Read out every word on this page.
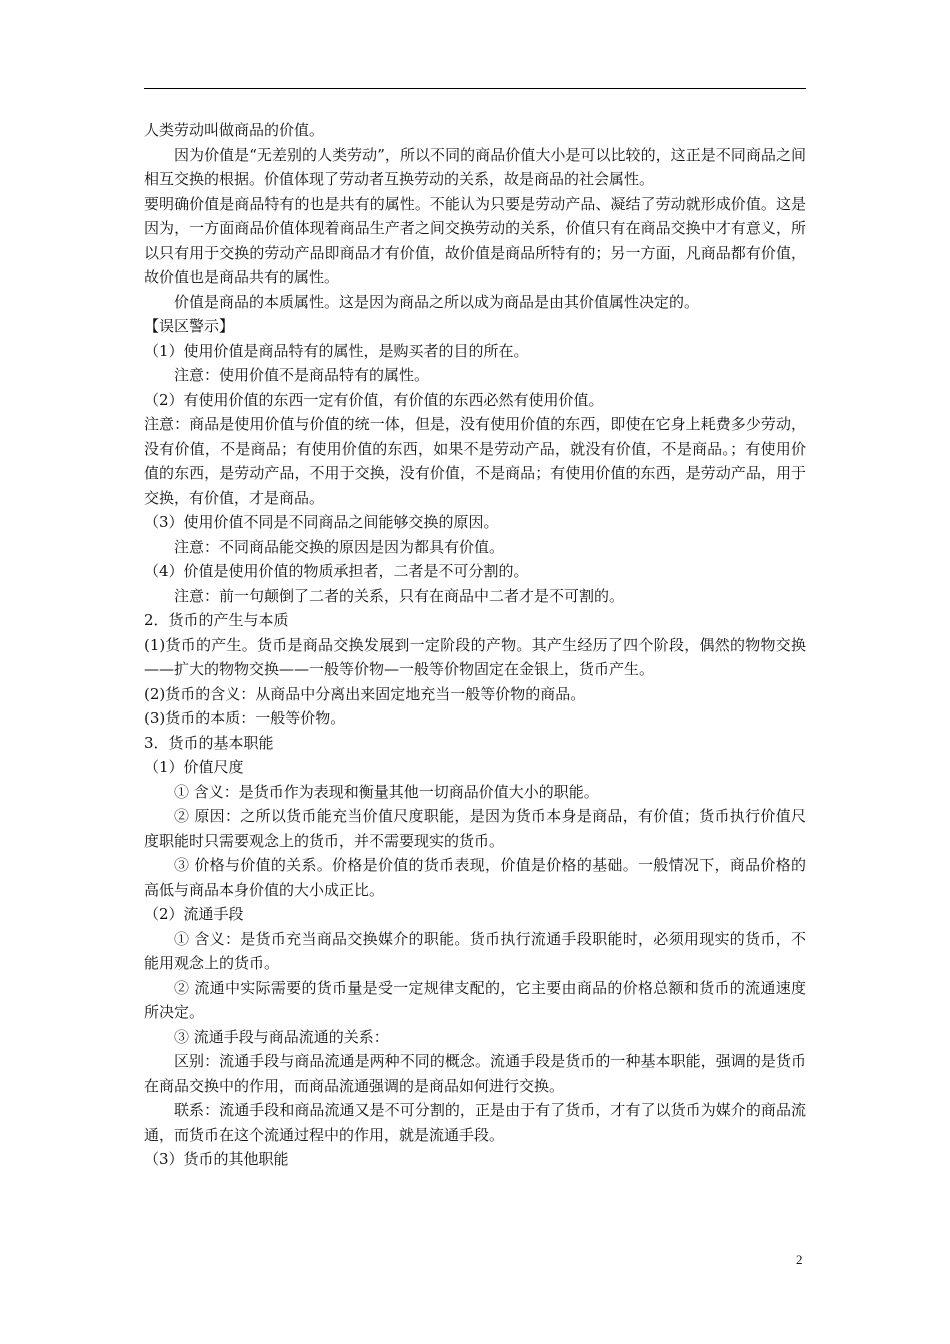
人类劳动叫做商品的价值。

因为价值是“无差别的人类劳动”，所以不同的商品价值大小是可以比较的，这正是不同商品之间相互交换的根据。价值体现了劳动者互换劳动的关系，故是商品的社会属性。

要明确价值是商品特有的也是共有的属性。不能认为只要是劳动产品、凝结了劳动就形成价值。这是因为，一方面商品价值体现着商品生产者之间交换劳动的关系，价值只有在商品交换中才有意义，所以只有用于交换的劳动产品即商品才有价值，故价值是商品所特有的；另一方面，凡商品都有价值，故价值也是商品共有的属性。

价值是商品的本质属性。这是因为商品之所以成为商品是由其价值属性决定的。

【误区警示】

（1）使用价值是商品特有的属性，是购买者的目的所在。

注意：使用价值不是商品特有的属性。

（2）有使用价值的东西一定有价值，有价值的东西必然有使用价值。

注意：商品是使用价值与价值的统一体，但是，没有使用价值的东西，即使在它身上耗费多少劳动，没有价值，不是商品；有使用价值的东西，如果不是劳动产品，就没有价值，不是商品。；有使用价值的东西，是劳动产品，不用于交换，没有价值，不是商品；有使用价值的东西，是劳动产品，用于交换，有价值，才是商品。

（3）使用价值不同是不同商品之间能够交换的原因。

注意：不同商品能交换的原因是因为都具有价值。

（4）价值是使用价值的物质承担者，二者是不可分割的。

注意：前一句颠倒了二者的关系，只有在商品中二者才是不可割的。

2．货币的产生与本质

(1)货币的产生。货币是商品交换发展到一定阶段的产物。其产生经历了四个阶段，偶然的物物交换——扩大的物物交换——一般等价物—一般等价物固定在金银上，货币产生。

(2)货币的含义：从商品中分离出来固定地充当一般等价物的商品。

(3)货币的本质：一般等价物。

3．货币的基本职能

（1）价值尺度

① 含义：是货币作为表现和衡量其他一切商品价值大小的职能。

② 原因：之所以货币能充当价值尺度职能，是因为货币本身是商品，有价值；货币执行价值尺度职能时只需要观念上的货币，并不需要现实的货币。

③ 价格与价值的关系。价格是价值的货币表现，价值是价格的基础。一般情况下，商品价格的高低与商品本身价值的大小成正比。

（2）流通手段

① 含义：是货币充当商品交换媒介的职能。货币执行流通手段职能时，必须用现实的货币，不能用观念上的货币。

② 流通中实际需要的货币量是受一定规律支配的，它主要由商品的价格总额和货币的流通速度所决定。

③ 流通手段与商品流通的关系：

区别：流通手段与商品流通是两种不同的概念。流通手段是货币的一种基本职能，强调的是货币在商品交换中的作用，而商品流通强调的是商品如何进行交换。

联系：流通手段和商品流通又是不可分割的，正是由于有了货币，才有了以货币为媒介的商品流通，而货币在这个流通过程中的作用，就是流通手段。

（3）货币的其他职能

2
